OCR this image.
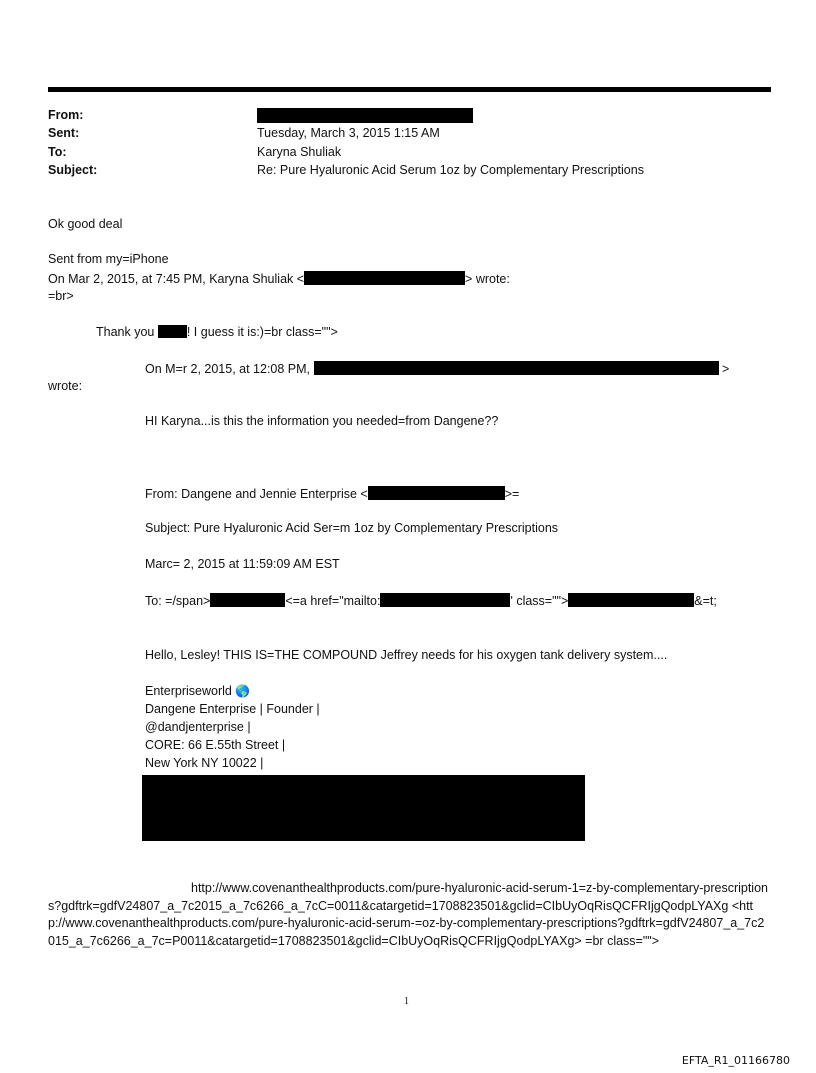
From:
Sent:	Tuesday, March 3, 2015 1:15 AM
To:	Karyna Shuliak
Subject:	Re: Pure Hyaluronic Acid Serum 1oz by Complementary Prescriptions
Ok good deal
Sent from my=iPhone
On Mar 2, 2015, at 7:45 PM, Karyna Shuliak <	> wrote:
=br>
Thank you	! I guess it is:)=br class="">
On M=r 2, 2015, at 12:08 PM,	>
wrote:
HI Karyna...is this the information you needed=from Dangene??
From: Dangene and Jennie Enterprise <	>=
Subject: Pure Hyaluronic Acid Ser=m 1oz by Complementary Prescriptions
Marc= 2, 2015 at 11:59:09 AM EST
To: =/span>	<=a href="mailto:	' class="">	&=t;
Hello, Lesley! THIS IS=THE COMPOUND Jeffrey needs for his oxygen tank delivery system....
Enterpriseworld 🌎
Dangene Enterprise | Founder |
@dandjenterprise |
CORE: 66 E.55th Street |
New York NY 10022 |
http://www.covenanthealthproducts.com/pure-hyaluronic-acid-serum-1=z-by-complementary-prescriptions?gdftrk=gdfV24807_a_7c2015_a_7c6266_a_7cC=0011&catargetid=1708823501&gclid=CIbUyOqRisQCFRIjgQodpLYAXg <http://www.covenanthealthproducts.com/pure-hyaluronic-acid-serum-=oz-by-complementary-prescriptions?gdftrk=gdfV24807_a_7c2015_a_7c6266_a_7c=P0011&catargetid=1708823501&gclid=CIbUyOqRisQCFRIjgQodpLYAXg> =br class="">
1
EFTA_R1_01166780
